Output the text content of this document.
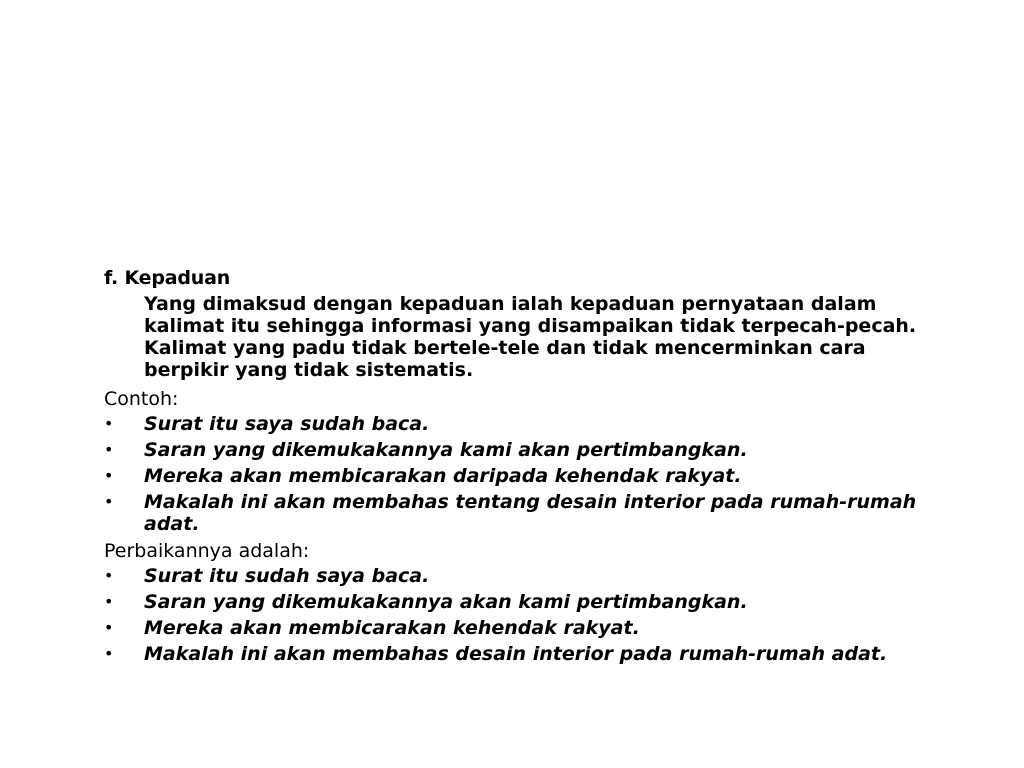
f. Kepaduan
Yang dimaksud dengan kepaduan ialah kepaduan pernyataan dalam kalimat itu sehingga informasi yang disampaikan tidak terpecah-pecah. Kalimat yang padu tidak bertele-tele dan tidak mencerminkan cara berpikir yang tidak sistematis.
Contoh:
• Surat itu saya sudah baca.
• Saran yang dikemukakannya kami akan pertimbangkan.
• Mereka akan membicarakan daripada kehendak rakyat.
• Makalah ini akan membahas tentang desain interior pada rumah-rumah adat.
Perbaikannya adalah:
• Surat itu sudah saya baca.
• Saran yang dikemukakannya akan kami pertimbangkan.
• Mereka akan membicarakan kehendak rakyat.
• Makalah ini akan membahas desain interior pada rumah-rumah adat.
